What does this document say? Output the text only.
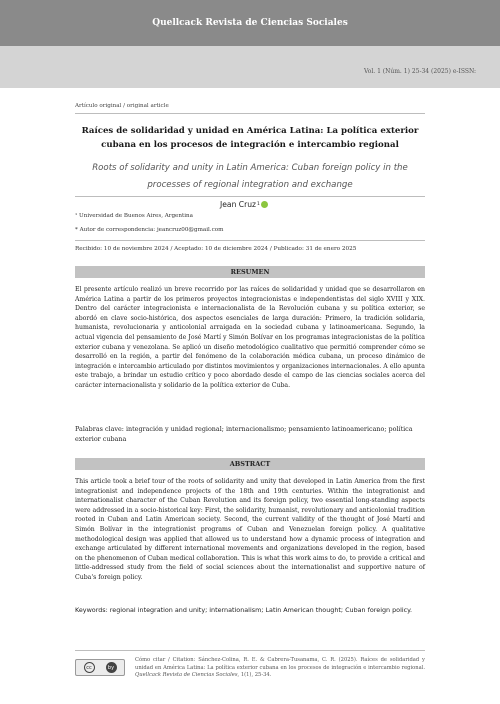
Quellcack Revista de Ciencias Sociales
Vol. 1 (Núm. 1) 25-34 (2025) e-ISSN:
Artículo original / original article
Raíces de solidaridad y unidad en América Latina: La política exterior cubana en los procesos de integración e intercambio regional
Roots of solidarity and unity in Latin America: Cuban foreign policy in the processes of regional integration and exchange
Jean Cruz 1
¹ Universidad de Buenos Aires, Argentina
* Autor de correspondencia: jeancruz00@gmail.com
Recibido: 10 de noviembre 2024 / Aceptado: 10 de diciembre 2024 / Publicado: 31 de enero 2025
RESUMEN
El presente artículo realizó un breve recorrido por las raíces de solidaridad y unidad que se desarrollaron en América Latina a partir de los primeros proyectos integracionistas e independentistas del siglo XVIII y XIX. Dentro del carácter integracionista e internacionalista de la Revolución cubana y su política exterior, se abordó en clave socio-histórica, dos aspectos esenciales de larga duración: Primero, la tradición solidaria, humanista, revolucionaria y anticolonial arraigada en la sociedad cubana y latinoamericana. Segundo, la actual vigencia del pensamiento de José Martí y Simón Bolívar en los programas integracionistas de la política exterior cubana y venezolana. Se aplicó un diseño metodológico cualitativo que permitió comprender cómo se desarrolló en la región, a partir del fenómeno de la colaboración médica cubana, un proceso dinámico de integración e intercambio articulado por distintos movimientos y organizaciones internacionales. A ello apunta este trabajo, a brindar un estudio crítico y poco abordado desde el campo de las ciencias sociales acerca del carácter internacionalista y solidario de la política exterior de Cuba.
Palabras clave: integración y unidad regional; internacionalismo; pensamiento latinoamericano; política exterior cubana
ABSTRACT
This article took a brief tour of the roots of solidarity and unity that developed in Latin America from the first integrationist and independence projects of the 18th and 19th centuries. Within the integrationist and internationalist character of the Cuban Revolution and its foreign policy, two essential long-standing aspects were addressed in a socio-historical key: First, the solidarity, humanist, revolutionary and anticolonial tradition rooted in Cuban and Latin American society. Second, the current validity of the thought of José Martí and Simón Bolívar in the integrationist programs of Cuban and Venezuelan foreign policy. A qualitative methodological design was applied that allowed us to understand how a dynamic process of integration and exchange articulated by different international movements and organizations developed in the region, based on the phenomenon of Cuban medical collaboration. This is what this work aims to do, to provide a critical and little-addressed study from the field of social sciences about the internationalist and supportive nature of Cuba's foreign policy.
Keywords: regional integration and unity; internationalism; Latin American thought; Cuban foreign policy.
cc	by
Cómo citar / Citation: Sánchez-Colina, R. E. & Cabrera-Tusanama, C. R. (2025). Raíces de solidaridad y unidad en América Latina: La política exterior cubana en los procesos de integración e intercambio regional. Quellcack Revista de Ciencias Sociales, 1(1), 25-34.
